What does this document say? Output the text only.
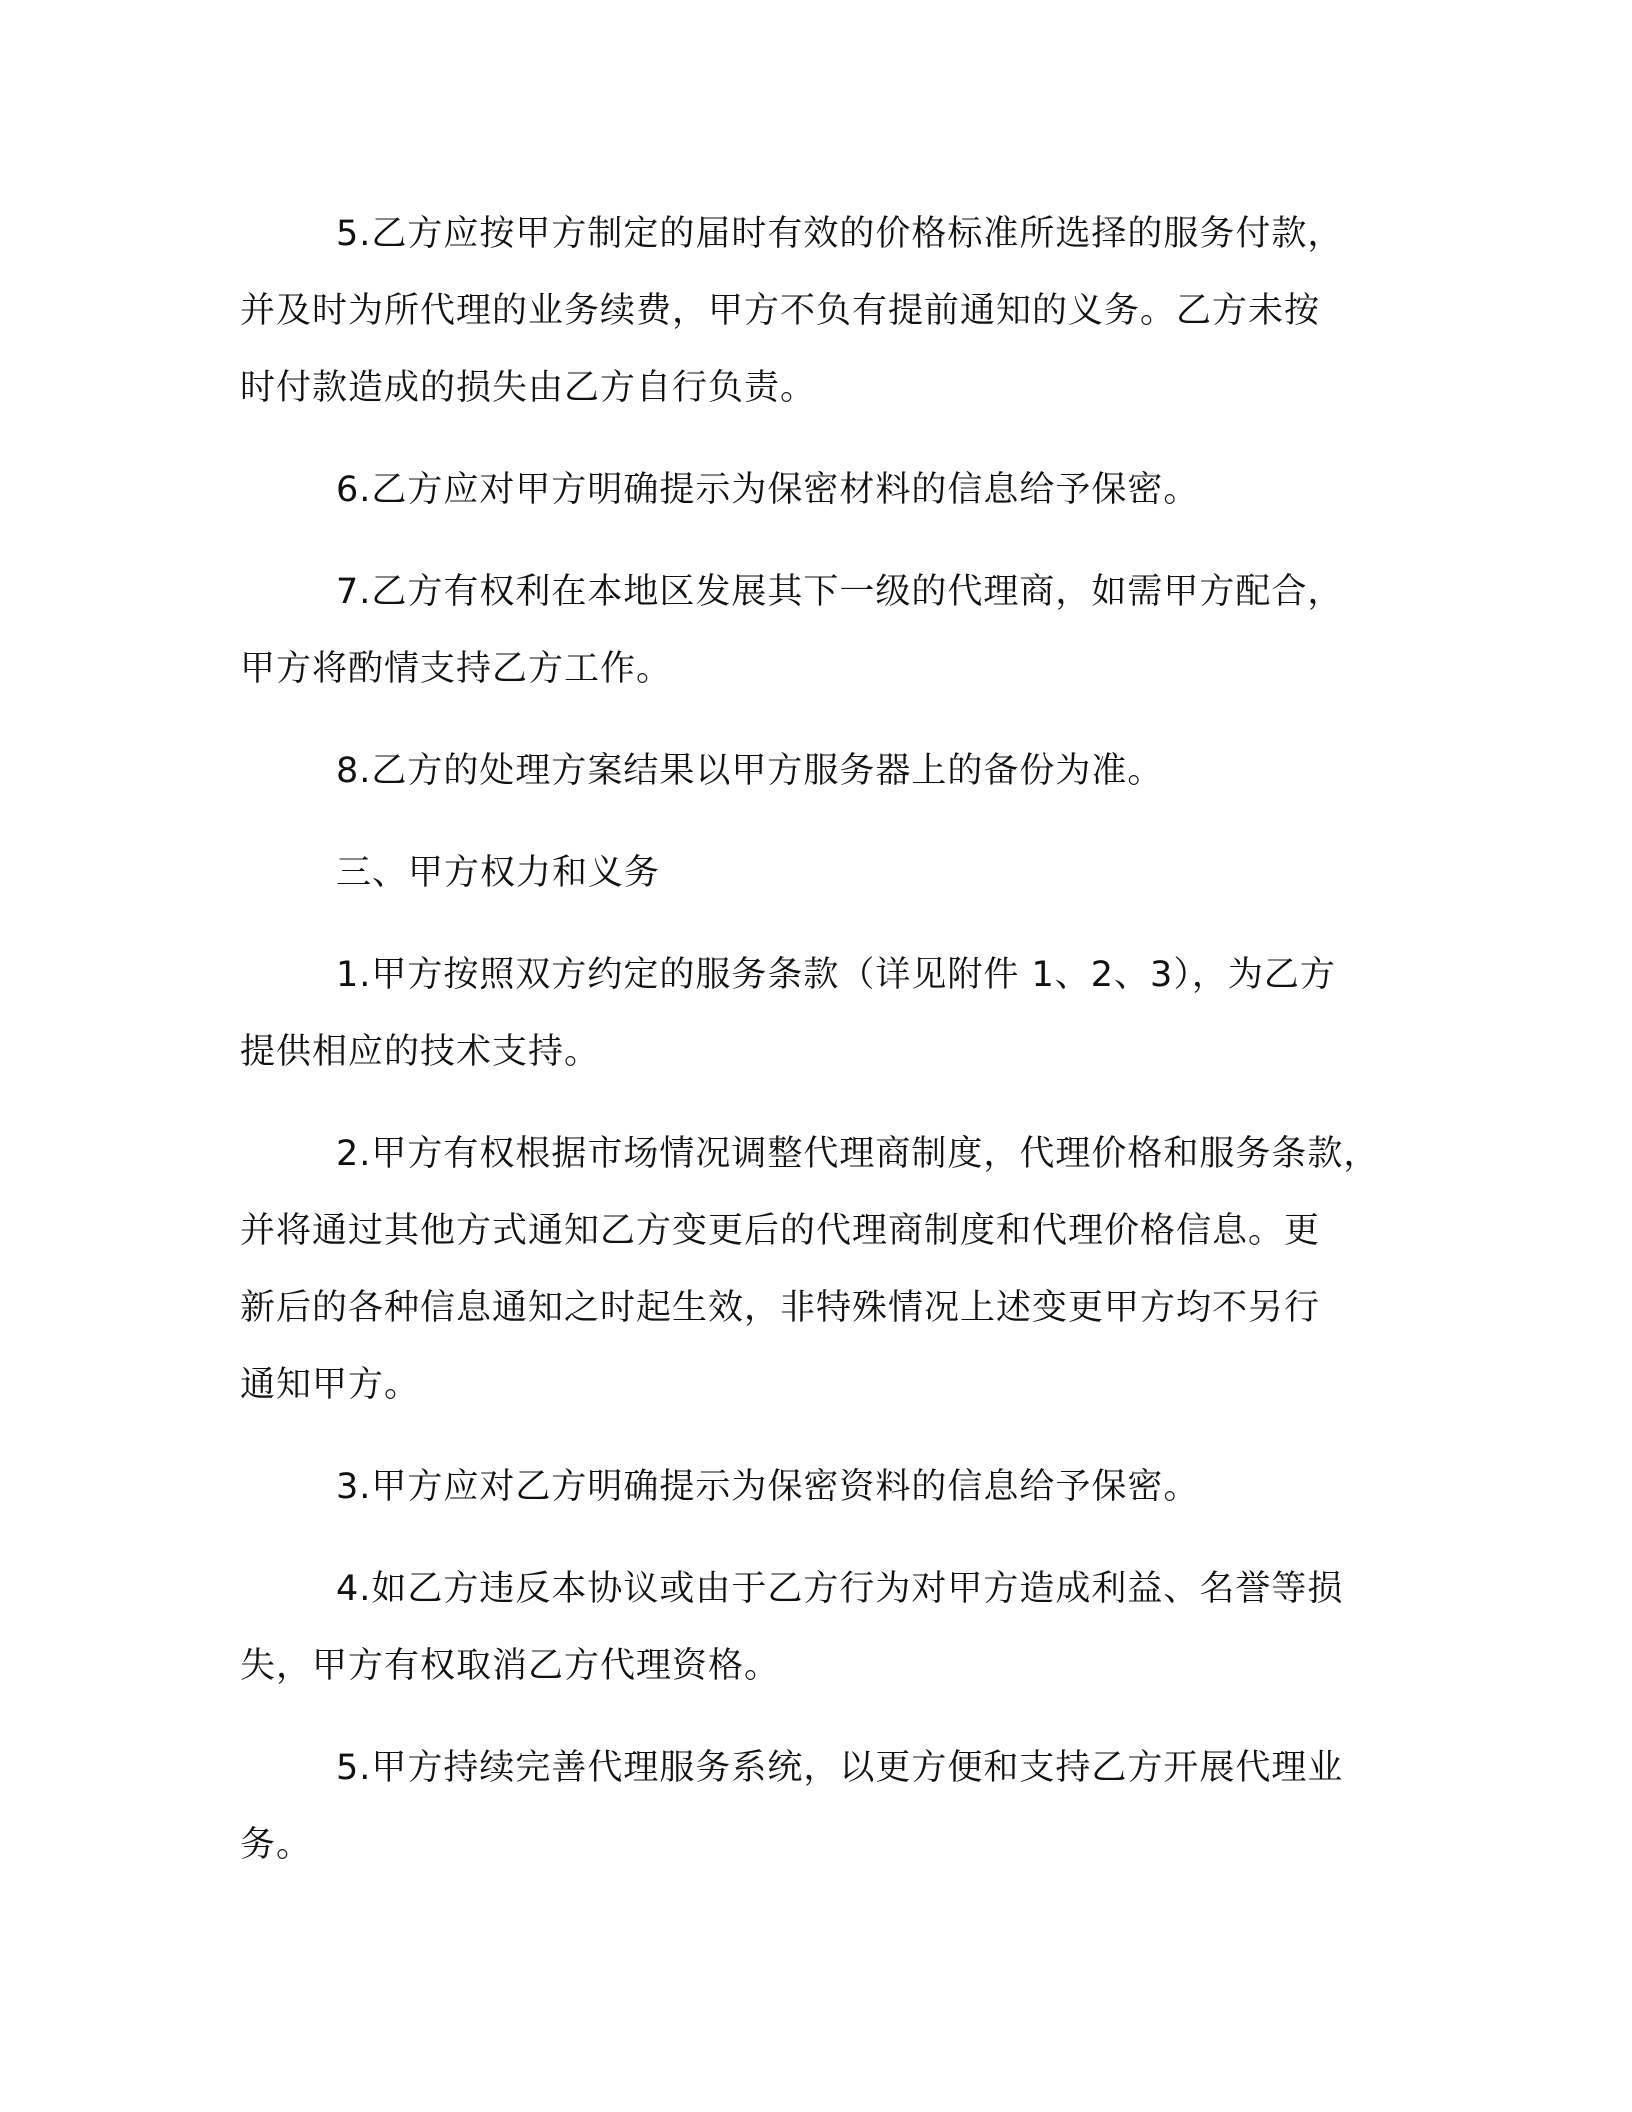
5.乙方应按甲方制定的届时有效的价格标准所选择的服务付款，
并及时为所代理的业务续费，甲方不负有提前通知的义务。乙方未按
时付款造成的损失由乙方自行负责。
6.乙方应对甲方明确提示为保密材料的信息给予保密。
7.乙方有权利在本地区发展其下一级的代理商，如需甲方配合，
甲方将酌情支持乙方工作。
8.乙方的处理方案结果以甲方服务器上的备份为准。
三、甲方权力和义务
1.甲方按照双方约定的服务条款（详见附件 1、2、3），为乙方
提供相应的技术支持。
2.甲方有权根据市场情况调整代理商制度，代理价格和服务条款，
并将通过其他方式通知乙方变更后的代理商制度和代理价格信息。更
新后的各种信息通知之时起生效，非特殊情况上述变更甲方均不另行
通知甲方。
3.甲方应对乙方明确提示为保密资料的信息给予保密。
4.如乙方违反本协议或由于乙方行为对甲方造成利益、名誉等损
失，甲方有权取消乙方代理资格。
5.甲方持续完善代理服务系统，以更方便和支持乙方开展代理业
务。
